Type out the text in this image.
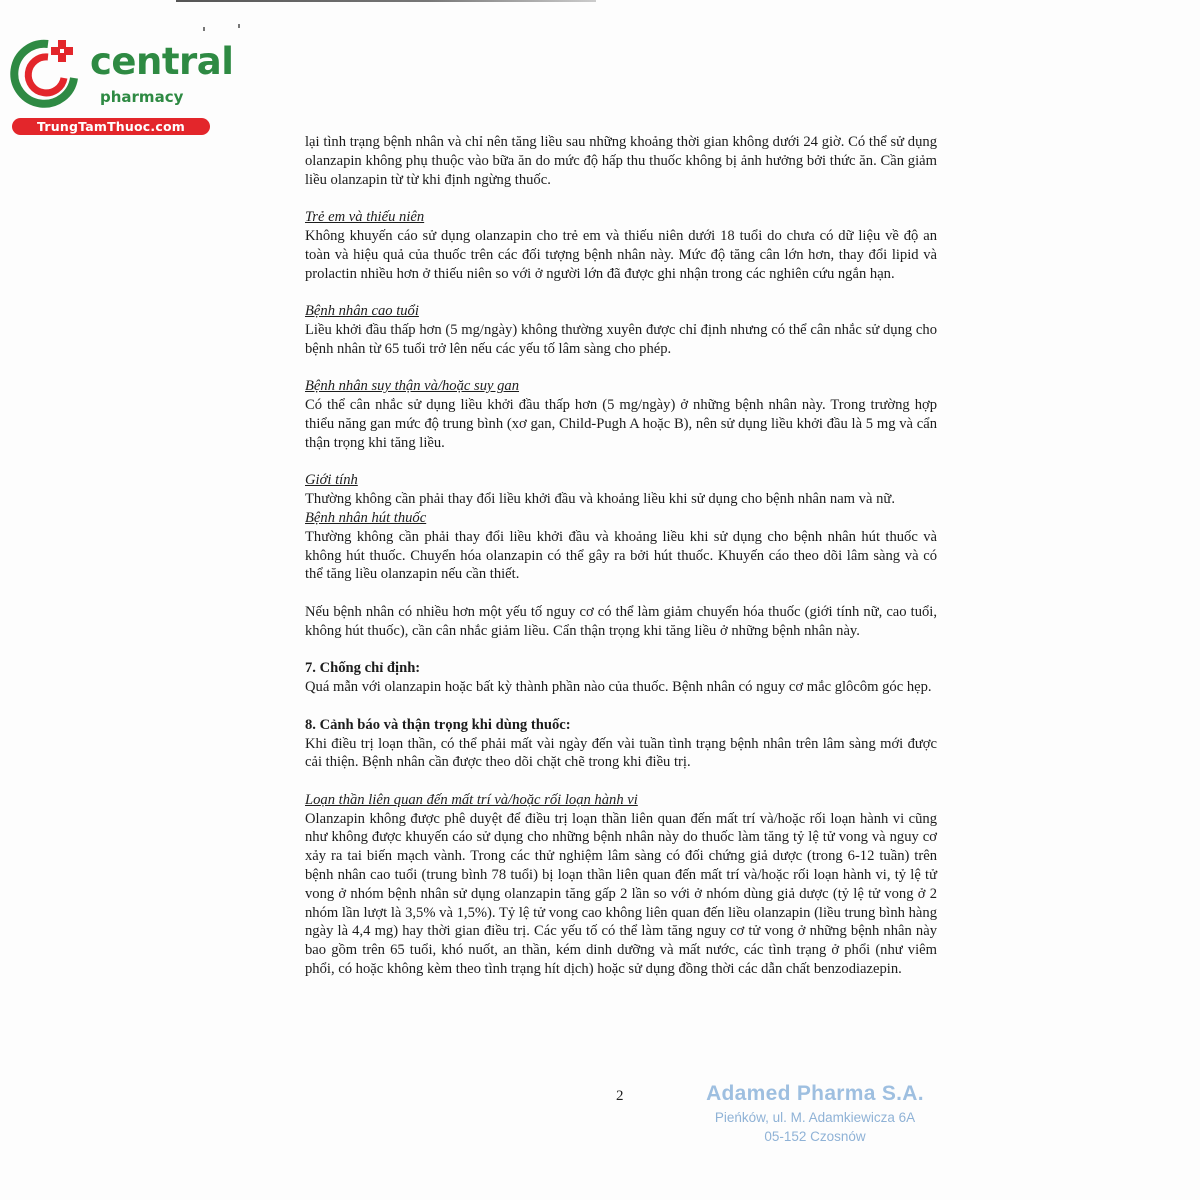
central
pharmacy
TrungTamThuoc.com

lại tình trạng bệnh nhân và chỉ nên tăng liều sau những khoảng thời gian không dưới 24 giờ. Có thể sử dụng olanzapin không phụ thuộc vào bữa ăn do mức độ hấp thu thuốc không bị ảnh hưởng bởi thức ăn. Cần giảm liều olanzapin từ từ khi định ngừng thuốc.

Trẻ em và thiếu niên

Không khuyến cáo sử dụng olanzapin cho trẻ em và thiếu niên dưới 18 tuổi do chưa có dữ liệu về độ an toàn và hiệu quả của thuốc trên các đối tượng bệnh nhân này. Mức độ tăng cân lớn hơn, thay đổi lipid và prolactin nhiều hơn ở thiếu niên so với ở người lớn đã được ghi nhận trong các nghiên cứu ngắn hạn.

Bệnh nhân cao tuổi

Liều khởi đầu thấp hơn (5 mg/ngày) không thường xuyên được chỉ định nhưng có thể cân nhắc sử dụng cho bệnh nhân từ 65 tuổi trở lên nếu các yếu tố lâm sàng cho phép.

Bệnh nhân suy thận và/hoặc suy gan

Có thể cân nhắc sử dụng liều khởi đầu thấp hơn (5 mg/ngày) ở những bệnh nhân này. Trong trường hợp thiểu năng gan mức độ trung bình (xơ gan, Child-Pugh A hoặc B), nên sử dụng liều khởi đầu là 5 mg và cẩn thận trọng khi tăng liều.

Giới tính

Thường không cần phải thay đổi liều khởi đầu và khoảng liều khi sử dụng cho bệnh nhân nam và nữ.

Bệnh nhân hút thuốc

Thường không cần phải thay đổi liều khởi đầu và khoảng liều khi sử dụng cho bệnh nhân hút thuốc và không hút thuốc. Chuyển hóa olanzapin có thể gây ra bởi hút thuốc. Khuyến cáo theo dõi lâm sàng và có thể tăng liều olanzapin nếu cần thiết.

Nếu bệnh nhân có nhiều hơn một yếu tố nguy cơ có thể làm giảm chuyển hóa thuốc (giới tính nữ, cao tuổi, không hút thuốc), cần cân nhắc giảm liều. Cẩn thận trọng khi tăng liều ở những bệnh nhân này.

7. Chống chỉ định:

Quá mẫn với olanzapin hoặc bất kỳ thành phần nào của thuốc. Bệnh nhân có nguy cơ mắc glôcôm góc hẹp.

8. Cảnh báo và thận trọng khi dùng thuốc:

Khi điều trị loạn thần, có thể phải mất vài ngày đến vài tuần tình trạng bệnh nhân trên lâm sàng mới được cải thiện. Bệnh nhân cần được theo dõi chặt chẽ trong khi điều trị.

Loạn thần liên quan đến mất trí và/hoặc rối loạn hành vi

Olanzapin không được phê duyệt để điều trị loạn thần liên quan đến mất trí và/hoặc rối loạn hành vi cũng như không được khuyến cáo sử dụng cho những bệnh nhân này do thuốc làm tăng tỷ lệ tử vong và nguy cơ xảy ra tai biến mạch vành. Trong các thử nghiệm lâm sàng có đối chứng giả dược (trong 6-12 tuần) trên bệnh nhân cao tuổi (trung bình 78 tuổi) bị loạn thần liên quan đến mất trí và/hoặc rối loạn hành vi, tỷ lệ tử vong ở nhóm bệnh nhân sử dụng olanzapin tăng gấp 2 lần so với ở nhóm dùng giả dược (tỷ lệ tử vong ở 2 nhóm lần lượt là 3,5% và 1,5%). Tỷ lệ tử vong cao không liên quan đến liều olanzapin (liều trung bình hàng ngày là 4,4 mg) hay thời gian điều trị. Các yếu tố có thể làm tăng nguy cơ tử vong ở những bệnh nhân này bao gồm trên 65 tuổi, khó nuốt, an thần, kém dinh dưỡng và mất nước, các tình trạng ở phổi (như viêm phổi, có hoặc không kèm theo tình trạng hít dịch) hoặc sử dụng đồng thời các dẫn chất benzodiazepin.

2	Adamed Pharma S.A.
Pieńków, ul. M. Adamkiewicza 6A
05-152 Czosnów
